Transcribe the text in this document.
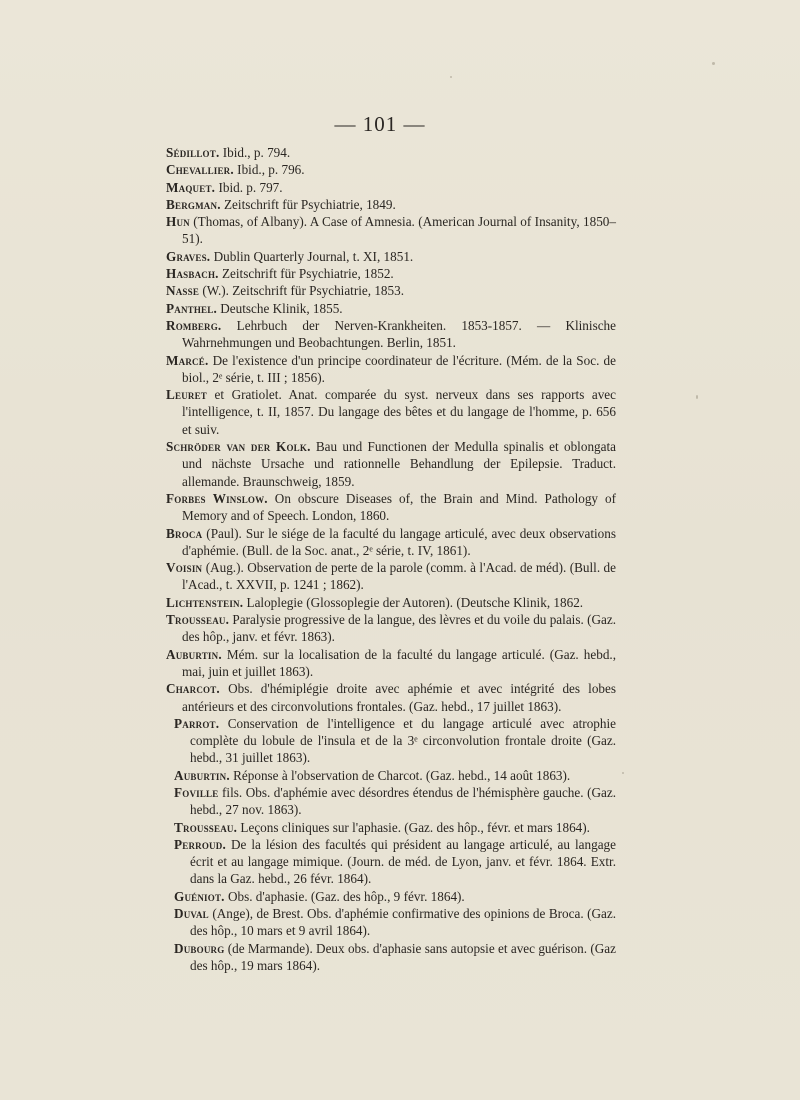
— 101 —
Sédillot. Ibid., p. 794.
Chevallier. Ibid., p. 796.
Maquet. Ibid. p. 797.
Bergman. Zeitschrift für Psychiatrie, 1849.
Hun (Thomas, of Albany). A Case of Amnesia. (American Journal of Insanity, 1850–51).
Graves. Dublin Quarterly Journal, t. XI, 1851.
Hasbach. Zeitschrift für Psychiatrie, 1852.
Nasse (W.). Zeitschrift für Psychiatrie, 1853.
Panthel. Deutsche Klinik, 1855.
Romberg. Lehrbuch der Nerven-Krankheiten. 1853-1857. — Klinische Wahrnehmungen und Beobachtungen. Berlin, 1851.
Marcé. De l'existence d'un principe coordinateur de l'écriture. (Mém. de la Soc. de biol., 2ᵉ série, t. III ; 1856).
Leuret et Gratiolet. Anat. comparée du syst. nerveux dans ses rapports avec l'intelligence, t. II, 1857. Du langage des bêtes et du langage de l'homme, p. 656 et suiv.
Schröder van der Kolk. Bau und Functionen der Medulla spinalis et oblongata und nächste Ursache und rationnelle Behandlung der Epilepsie. Traduct. allemande. Braunschweig, 1859.
Forbes Winslow. On obscure Diseases of, the Brain and Mind. Pathology of Memory and of Speech. London, 1860.
Broca (Paul). Sur le siége de la faculté du langage articulé, avec deux observations d'aphémie. (Bull. de la Soc. anat., 2ᵉ série, t. IV, 1861).
Voisin (Aug.). Observation de perte de la parole (comm. à l'Acad. de méd). (Bull. de l'Acad., t. XXVII, p. 1241 ; 1862).
Lichtenstein. Laloplegie (Glossoplegie der Autoren). (Deutsche Klinik, 1862.
Trousseau. Paralysie progressive de la langue, des lèvres et du voile du palais. (Gaz. des hôp., janv. et févr. 1863).
Auburtin. Mém. sur la localisation de la faculté du langage articulé. (Gaz. hebd., mai, juin et juillet 1863).
Charcot. Obs. d'hémiplégie droite avec aphémie et avec intégrité des lobes antérieurs et des circonvolutions frontales. (Gaz. hebd., 17 juillet 1863).
Parrot. Conservation de l'intelligence et du langage articulé avec atrophie complète du lobule de l'insula et de la 3ᵉ circonvolution frontale droite (Gaz. hebd., 31 juillet 1863).
Auburtin. Réponse à l'observation de Charcot. (Gaz. hebd., 14 août 1863).
Foville fils. Obs. d'aphémie avec désordres étendus de l'hémisphère gauche. (Gaz. hebd., 27 nov. 1863).
Trousseau. Leçons cliniques sur l'aphasie. (Gaz. des hôp., févr. et mars 1864).
Perroud. De la lésion des facultés qui président au langage articulé, au langage écrit et au langage mimique. (Journ. de méd. de Lyon, janv. et févr. 1864. Extr. dans la Gaz. hebd., 26 févr. 1864).
Guéniot. Obs. d'aphasie. (Gaz. des hôp., 9 févr. 1864).
Duval (Ange), de Brest. Obs. d'aphémie confirmative des opinions de Broca. (Gaz. des hôp., 10 mars et 9 avril 1864).
Dubourg (de Marmande). Deux obs. d'aphasie sans autopsie et avec guérison. (Gaz des hôp., 19 mars 1864).
